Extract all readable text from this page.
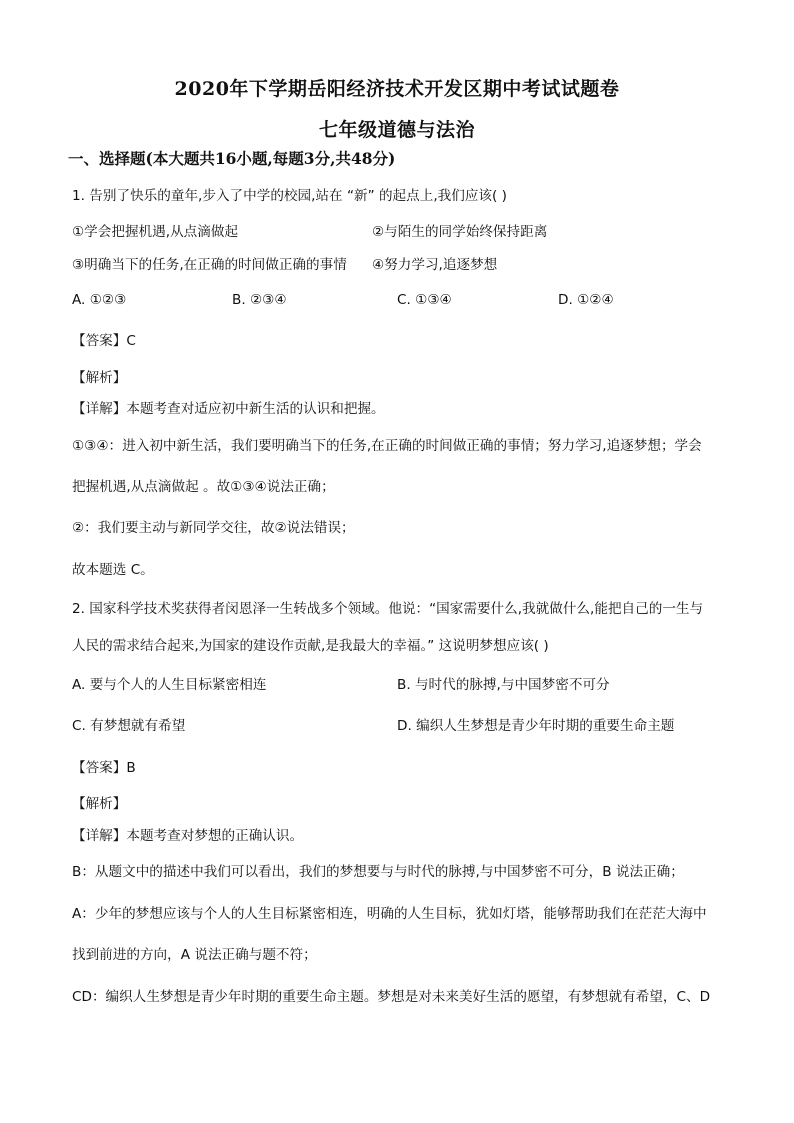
2020年下学期岳阳经济技术开发区期中考试试题卷
七年级道德与法治
一、选择题(本大题共16小题,每题3分,共48分)
1. 告别了快乐的童年,步入了中学的校园,站在 “新” 的起点上,我们应该( )
①学会把握机遇,从点滴做起	②与陌生的同学始终保持距离
③明确当下的任务,在正确的时间做正确的事情 ④努力学习,追逐梦想
A. ①②③	B. ②③④	C. ①③④	D. ①②④
【答案】C
【解析】
【详解】本题考查对适应初中新生活的认识和把握。
①③④：进入初中新生活，我们要明确当下的任务,在正确的时间做正确的事情；努力学习,追逐梦想；学会
把握机遇,从点滴做起 。故①③④说法正确；
②：我们要主动与新同学交往，故②说法错误；
故本题选 C。
2. 国家科学技术奖获得者闵恩泽一生转战多个领域。他说：“国家需要什么,我就做什么,能把自己的一生与
人民的需求结合起来,为国家的建设作贡献,是我最大的幸福。” 这说明梦想应该( )
A. 要与个人的人生目标紧密相连	B. 与时代的脉搏,与中国梦密不可分
C. 有梦想就有希望	D. 编织人生梦想是青少年时期的重要生命主题
【答案】B
【解析】
【详解】本题考查对梦想的正确认识。
B：从题文中的描述中我们可以看出，我们的梦想要与与时代的脉搏,与中国梦密不可分，B 说法正确；
A：少年的梦想应该与个人的人生目标紧密相连，明确的人生目标，犹如灯塔，能够帮助我们在茫茫大海中
找到前进的方向，A 说法正确与题不符；
CD：编织人生梦想是青少年时期的重要生命主题。梦想是对未来美好生活的愿望，有梦想就有希望，C、D
